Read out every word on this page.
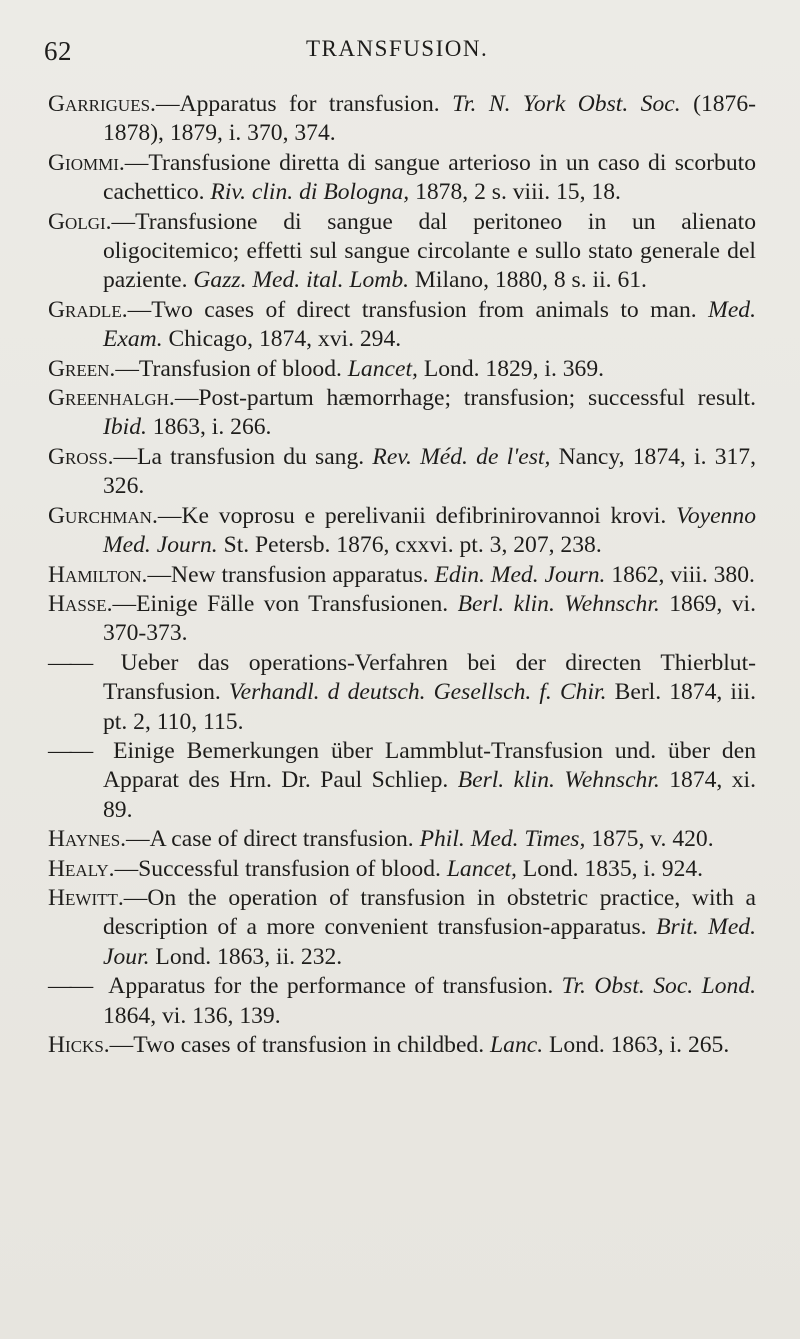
62	TRANSFUSION.

Garrigues.—Apparatus for transfusion. Tr. N. York Obst. Soc. (1876-1878), 1879, i. 370, 374.

Giommi.—Transfusione diretta di sangue arterioso in un caso di scorbuto cachettico. Riv. clin. di Bologna, 1878, 2 s. viii. 15, 18.

Golgi.—Transfusione di sangue dal peritoneo in un alienato oligocitemico; effetti sul sangue circolante e sullo stato generale del paziente. Gazz. Med. ital. Lomb. Milano, 1880, 8 s. ii. 61.

Gradle.—Two cases of direct transfusion from animals to man. Med. Exam. Chicago, 1874, xvi. 294.

Green.—Transfusion of blood. Lancet, Lond. 1829, i. 369.

Greenhalgh.—Post-partum hæmorrhage; transfusion; successful result. Ibid. 1863, i. 266.

Gross.—La transfusion du sang. Rev. Méd. de l'est, Nancy, 1874, i. 317, 326.

Gurchman.—Ke voprosu e perelivanii defibrinirovannoi krovi. Voyenno Med. Journ. St. Petersb. 1876, cxxvi. pt. 3, 207, 238.

Hamilton.—New transfusion apparatus. Edin. Med. Journ. 1862, viii. 380.

Hasse.—Einige Fälle von Transfusionen. Berl. klin. Wehnschr. 1869, vi. 370-373.

—— Ueber das operations-Verfahren bei der directen Thierblut-Transfusion. Verhandl. d deutsch. Gesellsch. f. Chir. Berl. 1874, iii. pt. 2, 110, 115.

—— Einige Bemerkungen über Lammblut-Transfusion und. über den Apparat des Hrn. Dr. Paul Schliep. Berl. klin. Wehnschr. 1874, xi. 89.

Haynes.—A case of direct transfusion. Phil. Med. Times, 1875, v. 420.

Healy.—Successful transfusion of blood. Lancet, Lond. 1835, i. 924.

Hewitt.—On the operation of transfusion in obstetric practice, with a description of a more convenient transfusion-apparatus. Brit. Med. Jour. Lond. 1863, ii. 232.

—— Apparatus for the performance of transfusion. Tr. Obst. Soc. Lond. 1864, vi. 136, 139.

Hicks.—Two cases of transfusion in childbed. Lanc. Lond. 1863, i. 265.
